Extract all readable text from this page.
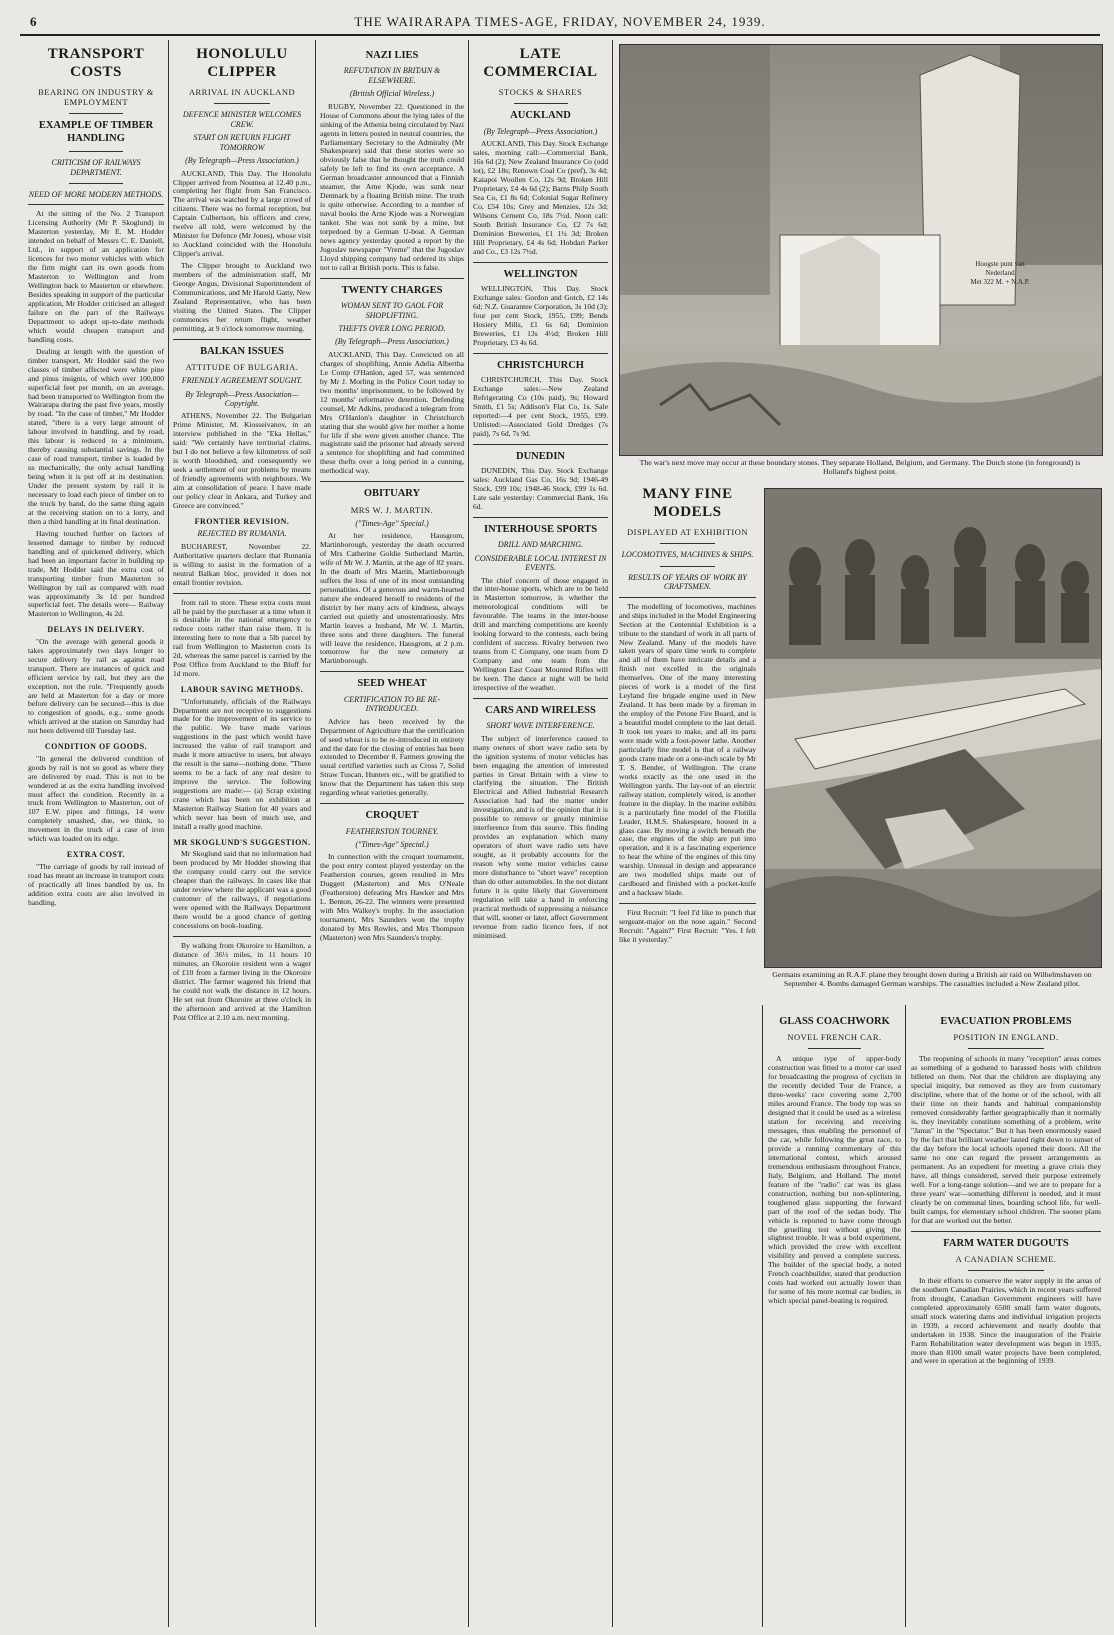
6	THE WAIRARAPA TIMES-AGE, FRIDAY, NOVEMBER 24, 1939.
TRANSPORT COSTS
BEARING ON INDUSTRY & EMPLOYMENT
EXAMPLE OF TIMBER HANDLING
CRITICISM OF RAILWAYS DEPARTMENT.
NEED OF MORE MODERN METHODS.

At the sitting of the No. 2 Transport Licensing Authority (Mr P. Skoglund) in Masterton yesterday, Mr E. M. Hodder intended on behalf of Messrs C. E. Daniell, Ltd., in support of an application for licences for two motor vehicles with which the firm might cart its own goods from Masterton to Wellington and from Wellington back to Masterton or elsewhere. Besides speaking in support of the particular application, Mr Hodder criticised an alleged failure on the part of the Railways Department to adopt up-to-date methods which would cheapen transport and handling costs.

Dealing at length with the question of timber transport, Mr Hodder said the two classes of timber affected were white pine and pinus insignis, of which over 100,000 superficial feet per month, on an average, had been transported to Wellington from the Wairarapa during the past five years, mostly by road. "In the case of timber," Mr Hodder stated, "there is a very large amount of labour involved in handling, and by road, this labour is reduced to a minimum, thereby causing substantial savings. In the case of road transport, timber is loaded by us mechanically, the only actual handling being when it is put off at its destination. Under the present system by rail it is necessary to load each piece of timber on to the truck by hand, do the same thing again at the receiving station on to a lorry, and then a third handling at its final destination.

Having touched further on factors of lessened damage to timber by reduced handling and of quickened delivery, which had been an important factor in building up trade, Mr Hodder said the extra cost of transporting timber from Masterton to Wellington by rail as compared with road was approximately 3s 1d per hundred superficial feet. The details were— Railway Masterton to Wellington, 4s 2d.

DELAYS IN DELIVERY.

"On the average with general goods it takes approximately two days longer to secure delivery by rail as against road transport. There are instances of quick and efficient service by rail, but they are the exception, not the rule. "Frequently goods are held at Masterton for a day or more before delivery can be secured—this is due to congestion of goods, e.g., some goods which arrived at the station on Saturday had not been delivered till Tuesday last.

CONDITION OF GOODS.

"In general the delivered condition of goods by rail is not so good as where they are delivered by road. This is not to be wondered at as the extra handling involved must affect the condition. Recently in a truck from Wellington to Masterton, out of 107 E.W. pipes and fittings, 14 were completely smashed, due, we think, to movement in the truck of a case of iron which was loaded on its edge.

EXTRA COST.

"The carriage of goods by rail instead of road has meant an increase in transport costs of practically all lines handled by us. In addition extra costs are also involved in handling.

HONOLULU CLIPPER
ARRIVAL IN AUCKLAND
DEFENCE MINISTER WELCOMES CREW.
START ON RETURN FLIGHT TOMORROW
(By Telegraph—Press Association.)

AUCKLAND, This Day. The Honolulu Clipper arrived from Noumea at 12.40 p.m., completing her flight from San Francisco. The arrival was watched by a large crowd of citizens. There was no formal reception, but Captain Culbertson, his officers and crew, twelve all told, were welcomed by the Minister for Defence (Mr Jones), whose visit to Auckland coincided with the Honolulu Clipper's arrival.

The Clipper brought to Auckland two members of the administration staff, Mr George Angus, Divisional Superintendent of Communications, and Mr Harold Gatty, New Zealand Representative, who has been visiting the United States. The Clipper commences her return flight, weather permitting, at 9 o'clock tomorrow morning.

BALKAN ISSUES
ATTITUDE OF BULGARIA.
FRIENDLY AGREEMENT SOUGHT.
By Telegraph—Press Association—Copyright.

ATHENS, November 22. The Bulgarian Prime Minister, M. Kiosseivanov, in an interview published in the "Eka Hellas," said: "We certainly have territorial claims, but I do not believe a few kilometres of soil is worth bloodshed, and consequently we seek a settlement of our problems by means of friendly agreements with neighbours. We aim at consolidation of peace. I have made our policy clear in Ankara, and Turkey and Greece are convinced."

FRONTIER REVISION.
REJECTED BY RUMANIA.

BUCHAREST, November 22. Authoritative quarters declare that Rumania is willing to assist in the formation of a neutral Balkan bloc, provided it does not entail frontier revision.

from rail to store. These extra costs must all be paid by the purchaser at a time when it is desirable in the national emergency to reduce costs rather than raise them. It is interesting here to note that a 5lb parcel by rail from Wellington to Masterton costs 1s 2d, whereas the same parcel is carried by the Post Office from Auckland to the Bluff for 1d more.

LABOUR SAVING METHODS.

"Unfortunately, officials of the Railways Department are not receptive to suggestions made for the improvement of its service to the public. We have made various suggestions in the past which would have increased the value of rail transport and made it more attractive to users, but always the result is the same—nothing done. "There seems to be a lack of any real desire to improve the service. The following suggestions are made:— (a) Scrap existing crane which has been on exhibition at Masterton Railway Station for 40 years and which never has been of much use, and install a really good machine.

MR SKOGLUND'S SUGGESTION.

Mr Skoglund said that no information had been produced by Mr Hodder showing that the company could carry out the service cheaper than the railways. In cases like that under review where the applicant was a good customer of the railways, if negotiations were opened with the Railways Department there would be a good chance of getting concessions on book-loading.

By walking from Okoroire to Hamilton, a distance of 36½ miles, in 11 hours 10 minutes, an Okoroire resident won a wager of £10 from a farmer living in the Okoroire district. The farmer wagered his friend that he could not walk the distance in 12 hours. He set out from Okoroire at three o'clock in the afternoon and arrived at the Hamilton Post Office at 2.10 a.m. next morning.

NAZI LIES
REFUTATION IN BRITAIN & ELSEWHERE.
(British Official Wireless.)

RUGBY, November 22. Questioned in the House of Commons about the lying tales of the sinking of the Athenia being circulated by Nazi agents in letters posted in neutral countries, the Parliamentary Secretary to the Admiralty (Mr Shakespeare) said that these stories were so obviously false that he thought the truth could safely be left to find its own acceptance. A German broadcaster announced that a Finnish steamer, the Arne Kjode, was sunk near Denmark by a floating British mine. The truth is quite otherwise. According to a number of naval books the Arne Kjode was a Norwegian tanker. She was not sunk by a mine, but torpedoed by a German U-boat. A German news agency yesterday quoted a report by the Jugoslav newspaper "Vreme" that the Jugoslav Lloyd shipping company had ordered its ships not to call at British ports. This is false.

TWENTY CHARGES
WOMAN SENT TO GAOL FOR SHOPLIFTING.
THEFTS OVER LONG PERIOD.
(By Telegraph—Press Association.)

AUCKLAND, This Day. Convicted on all charges of shoplifting, Annie Adelia Albertha Le Comp O'Hanlon, aged 57, was sentenced by Mr J. Morling in the Police Court today to two months' imprisonment, to be followed by 12 months' reformative detention. Defending counsel, Mr Adkins, produced a telegram from Mrs O'Hanlon's daughter in Christchurch stating that she would give her mother a home for life if she were given another chance. The magistrate said the prisoner had already served a sentence for shoplifting and had committed these thefts over a long period in a cunning, methodical way.

OBITUARY
MRS W. J. MARTIN.
("Times-Age" Special.)

At her residence, Hausgrom, Martinborough, yesterday the death occurred of Mrs Catherine Goldie Sutherland Martin, wife of Mr W. J. Martin, at the age of 82 years. In the death of Mrs Martin, Martinborough suffers the loss of one of its most outstanding personalities. Of a generous and warm-hearted nature she endeared herself to residents of the district by her many acts of kindness, always carried out quietly and unostentatiously. Mrs Martin leaves a husband, Mr W. J. Martin, three sons and three daughters. The funeral will leave the residence, Hausgrom, at 2 p.m. tomorrow for the new cemetery at Martinborough.

SEED WHEAT
CERTIFICATION TO BE RE-INTRODUCED.

Advice has been received by the Department of Agriculture that the certification of seed wheat is to be re-introduced in entirety and the date for the closing of entries has been extended to December 8. Farmers growing the usual certified varieties such as Cross 7, Solid Straw Tuscan, Hunters etc., will be gratified to know that the Department has taken this step regarding wheat varieties generally.

CROQUET
FEATHERSTON TOURNEY.
("Times-Age" Special.)

In connection with the croquet tournament, the post entry contest played yesterday on the Featherston courses, green resulted in Mrs Duggett (Masterton) and Mrs O'Neale (Featherston) defeating Mrs Hawker and Mrs L. Benton, 26-22. The winners were presented with Mrs Walkey's trophy. In the association tournament, Mrs Saunders won the trophy donated by Mrs Rowles, and Mrs Thompson (Masterton) won Mrs Saunders's trophy.

LATE COMMERCIAL
STOCKS & SHARES
AUCKLAND
(By Telegraph—Press Association.)

AUCKLAND, This Day. Stock Exchange sales, morning call:—Commercial Bank, 16s 6d (2); New Zealand Insurance Co (odd lot), £2 18s; Renown Coal Co (pref), 3s 4d; Kaiapoi Woollen Co, 12s 9d; Broken Hill Proprietary, £4 4s 6d (2); Barns Philp South Sea Co, £1 8s 6d; Colonial Sugar Refinery Co, £54 10s; Grey and Menzies, 12s 3d; Wilsons Cement Co, 18s 7½d. Noon call: South British Insurance Co, £2 7s 6d; Dominion Breweries, £1 1¼ 3d; Broken Hill Proprietary, £4 4s 6d; Hobdari Parker and Co., £3 12s 7½d.

WELLINGTON

WELLINGTON, This Day. Stock Exchange sales: Gordon and Gotch, £2 14s 6d; N.Z. Guarantee Corporation, 3s 10d (3); four per cent Stock, 1955, £99; Bends Hosiery Mills, £1 6s 6d; Dominion Breweries, £1 13s 4½d; Broken Hill Proprietary, £3 4s 6d.

CHRISTCHURCH

CHRISTCHURCH, This Day. Stock Exchange sales:—New Zealand Refrigerating Co (10s paid), 9s; Howard Smith, £1 5s; Addison's Flat Co, 1s. Sale reported:—4 per cent Stock, 1955, £99. Unlisted:—Associated Gold Dredges (7s paid), 7s 6d, 7s 9d.

DUNEDIN

DUNEDIN, This Day. Stock Exchange sales: Auckland Gas Co, 16s 9d; 1946-49 Stock, £99 10s; 1948-46 Stock, £99 1s 6d. Late sale yesterday: Commercial Bank, 16s 6d.

INTERHOUSE SPORTS
DRILL AND MARCHING.
CONSIDERABLE LOCAL INTEREST IN EVENTS.

The chief concern of those engaged in the inter-house sports, which are to be held in Masterton tomorrow, is whether the meteorological conditions will be favourable. The teams in the inter-house drill and marching competitions are keenly looking forward to the contests, each being confident of success. Rivalry between two teams from C Company, one team from D Company and one team from the Wellington East Coast Mounted Rifles will be keen. The dance at night will be held irrespective of the weather.

CARS AND WIRELESS
SHORT WAVE INTERFERENCE.

The subject of interference caused to many owners of short wave radio sets by the ignition systems of motor vehicles has been engaging the attention of interested parties in Great Britain with a view to clarifying the situation. The British Electrical and Allied Industrial Research Association had had the matter under investigation, and is of the opinion that it is possible to remove or greatly minimise interference from this source. This finding provides an explanation which many operators of short wave radio sets have sought, as it probably accounts for the reason why some motor vehicles cause more disturbance to "short wave" reception than do other automobiles. In the not distant future it is quite likely that Government regulation will take a hand in enforcing practical methods of suppressing a nuisance that will, sooner or later, affect Government revenue from radio licence fees, if not minimised.

Hoogste punt van Nederland
Met 322 M. + N.A.P.
The war's next move may occur at these boundary stones. They separate Holland, Belgium, and Germany. The Dutch stone (in foreground) is Holland's highest point.
MANY FINE MODELS
DISPLAYED AT EXHIBITION
LOCOMOTIVES, MACHINES & SHIPS.
RESULTS OF YEARS OF WORK BY CRAFTSMEN.

The modelling of locomotives, machines and ships included in the Model Engineering Section at the Centennial Exhibition is a tribute to the standard of work in all parts of New Zealand. Many of the models have taken years of spare time work to complete and all of them have intricate details and a finish not excelled in the originals themselves. One of the many interesting pieces of work is a model of the first Leyland fire brigade engine used in New Zealand. It has been made by a fireman in the employ of the Petone Fire Board, and is a beautiful model complete to the last detail. It took ten years to make, and all its parts were made with a foot-power lathe. Another particularly fine model is that of a railway goods crane made on a one-inch scale by Mr T. S. Bender, of Wellington. The crane works exactly as the one used in the Wellington yards. The lay-out of an electric railway station, completely wired, is another feature in the display. In the marine exhibits is a particularly fine model of the Flotilla Leader, H.M.S. Shakespeare, housed in a glass case. By moving a switch beneath the case, the engines of the ship are put into operation, and it is a fascinating experience to hear the whine of the engines of this tiny warship. Unusual in design and appearance are two modelled ships made out of cardboard and finished with a pocket-knife and a hacksaw blade.

First Recruit: "I feel I'd like to punch that sergeant-major on the nose again." Second Recruit: "Again?" First Recruit: "Yes. I felt like it yesterday."

Germans examining an R.A.F. plane they brought down during a British air raid on Wilhelmshaven on September 4. Bombs damaged German warships. The casualties included a New Zealand pilot.
GLASS COACHWORK
NOVEL FRENCH CAR.

A unique type of upper-body construction was fitted to a motor car used for broadcasting the progress of cyclists in the recently decided Tour de France, a three-weeks' race covering some 2,700 miles around France. The body top was so designed that it could be used as a wireless station for receiving and receiving messages, thus enabling the personnel of the car, while following the great race, to provide a running commentary of this international contest, which aroused tremendous enthusiasm throughout France, Italy, Belgium, and Holland. The motel feature of the "radio" car was its glass construction, nothing but non-splintering, toughened glass supporting the forward part of the roof of the sedan body. The vehicle is reported to have come through the gruelling test without giving the slightest trouble. It was a bold experiment, which provided the crew with excellent visibility and proved a complete success. The builder of the special body, a noted French coachbuilder, stated that production costs had worked out actually lower than for some of his more normal car bodies, in which special panel-beating is required.

EVACUATION PROBLEMS
POSITION IN ENGLAND.

The reopening of schools in many "reception" areas comes as something of a godsend to harassed hosts with children billeted on them. Not that the children are displaying any special iniquity, but removed as they are from customary discipline, where that of the home or of the school, with all their time on their hands and habitual companionship removed considerably farther geographically than it normally is, they inevitably constitute something of a problem, write "Janus" in the "Spectator." But it has been enormously eased by the fact that brilliant weather lasted right down to sunset of the day before the local schools opened their doors. All the same no one can regard the present arrangements as permanent. As an expedient for meeting a grave crisis they have, all things considered, served their purpose extremely well. For a long-range solution—and we are to prepare for a three years' war—something different is needed, and it must clearly be on communal lines, boarding school life, for well-built camps, for elementary school children. The sooner plans for that are worked out the better.

FARM WATER DUGOUTS
A CANADIAN SCHEME.

In their efforts to conserve the water supply in the areas of the southern Canadian Prairies, which in recent years suffered from drought, Canadian Government engineers will have completed approximately 6500 small farm water dugouts, small stock watering dams and individual irrigation projects in 1939, a record achievement and nearly double that undertaken in 1938. Since the inauguration of the Prairie Farm Rehabilitation water development was begun in 1935, more than 8100 small water projects have been completed, and were in operation at the beginning of 1939.
